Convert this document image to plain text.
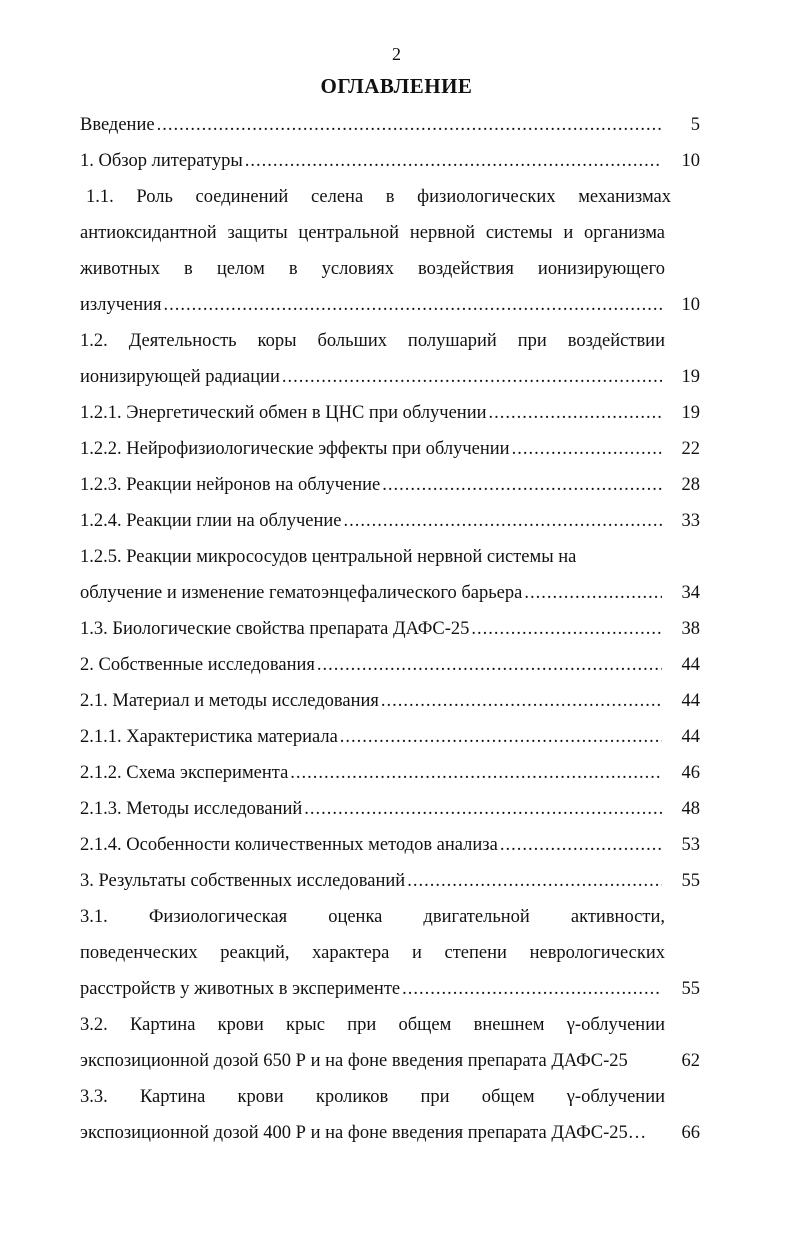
2
ОГЛАВЛЕНИЕ
Введение .....	5
1. Обзор литературы .....	10
1.1. Роль соединений селена в физиологических механизмах
антиоксидантной защиты центральной нервной системы и организма
животных в целом в условиях воздействия ионизирующего
излучения .....	10
1.2. Деятельность коры больших полушарий при воздействии
ионизирующей радиации .....	19
1.2.1. Энергетический обмен в ЦНС при облучении .....	19
1.2.2. Нейрофизиологические эффекты при облучении .....	22
1.2.3. Реакции нейронов на облучение .....	28
1.2.4. Реакции глии на облучение .....	33
1.2.5. Реакции микрососудов центральной нервной системы на
облучение и изменение гематоэнцефалического барьера .....	34
1.3. Биологические свойства препарата ДАФС-25 .....	38
2. Собственные исследования .....	44
2.1. Материал и методы исследования .....	44
2.1.1. Характеристика материала .....	44
2.1.2. Схема эксперимента .....	46
2.1.3. Методы исследований .....	48
2.1.4. Особенности количественных методов анализа .....	53
3. Результаты собственных исследований .....	55
3.1. Физиологическая оценка двигательной активности,
поведенческих реакций, характера и степени неврологических
расстройств у животных в эксперименте .....	55
3.2. Картина крови крыс при общем внешнем γ-облучении
экспозиционной дозой 650 Р и на фоне введения препарата ДАФС-25	62
3.3. Картина крови кроликов при общем γ-облучении
экспозиционной дозой 400 Р и на фоне введения препарата ДАФС-25…	66
